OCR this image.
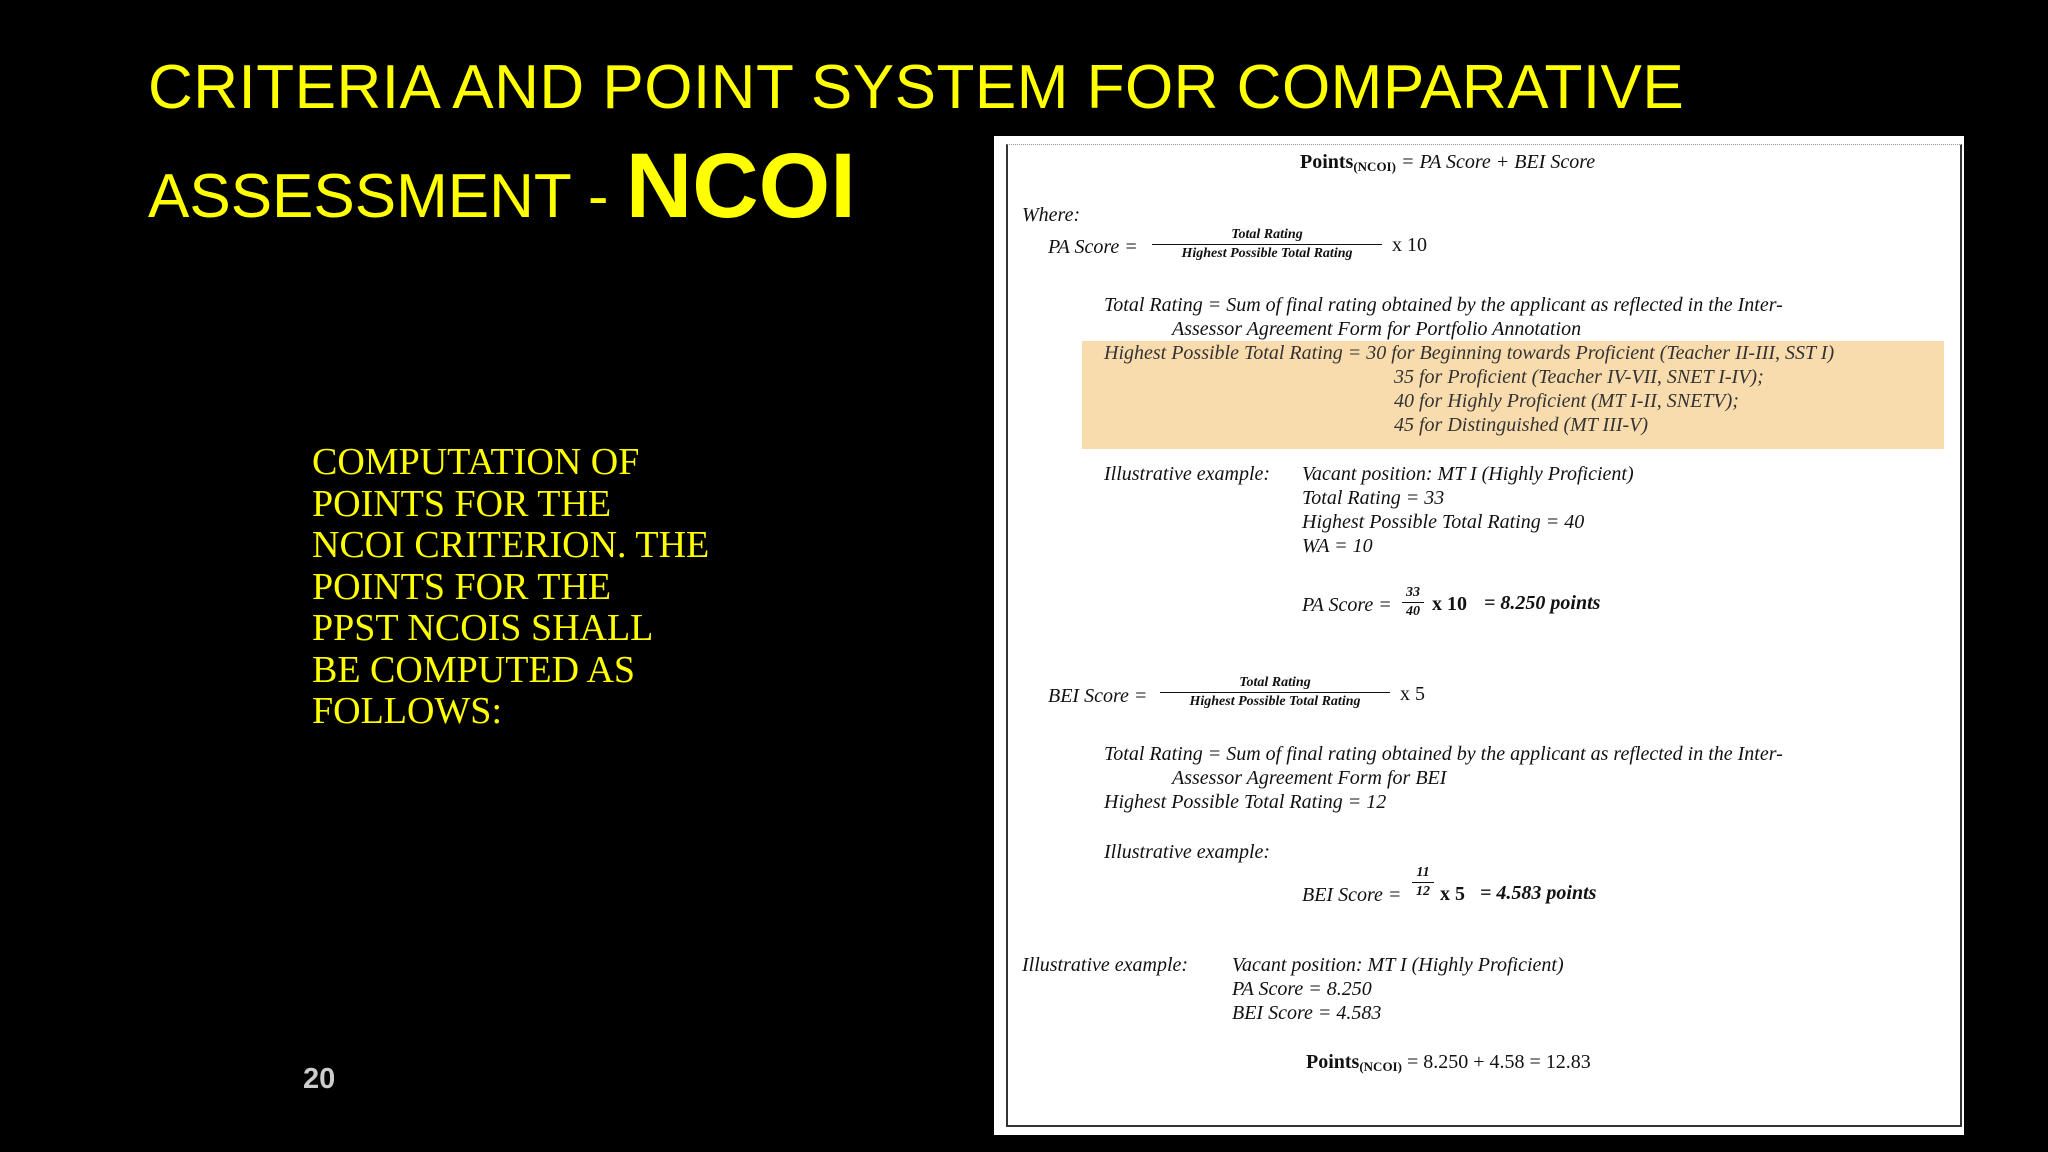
CRITERIA AND POINT SYSTEM FOR COMPARATIVE
ASSESSMENT - NCOI
COMPUTATION OF
POINTS FOR THE
NCOI CRITERION. THE
POINTS FOR THE
PPST NCOIS SHALL
BE COMPUTED AS
FOLLOWS:
20
Points(NCOI) = PA Score + BEI Score
Where:
PA Score =
Total Rating
Highest Possible Total Rating	x 10
Total Rating = Sum of final rating obtained by the applicant as reflected in the Inter-
Assessor Agreement Form for Portfolio Annotation
Highest Possible Total Rating = 30 for Beginning towards Proficient (Teacher II-III, SST I)
35 for Proficient (Teacher IV-VII, SNET I-IV);
40 for Highly Proficient (MT I-II, SNETV);
45 for Distinguished (MT III-V)
Illustrative example: Vacant position: MT I (Highly Proficient)
Total Rating = 33
Highest Possible Total Rating = 40
WA = 10
PA Score = $\frac{33}{40}$ x 10 = 8.250 points
BEI Score =
Total Rating
Highest Possible Total Rating	x 5
Total Rating = Sum of final rating obtained by the applicant as reflected in the Inter-
Assessor Agreement Form for BEI
Highest Possible Total Rating = 12
Illustrative example:
BEI Score = $\frac{11}{12}$ x 5 = 4.583 points
Illustrative example: Vacant position: MT I (Highly Proficient)
PA Score = 8.250
BEI Score = 4.583
Points(NCOI) = 8.250 + 4.58 = 12.83
